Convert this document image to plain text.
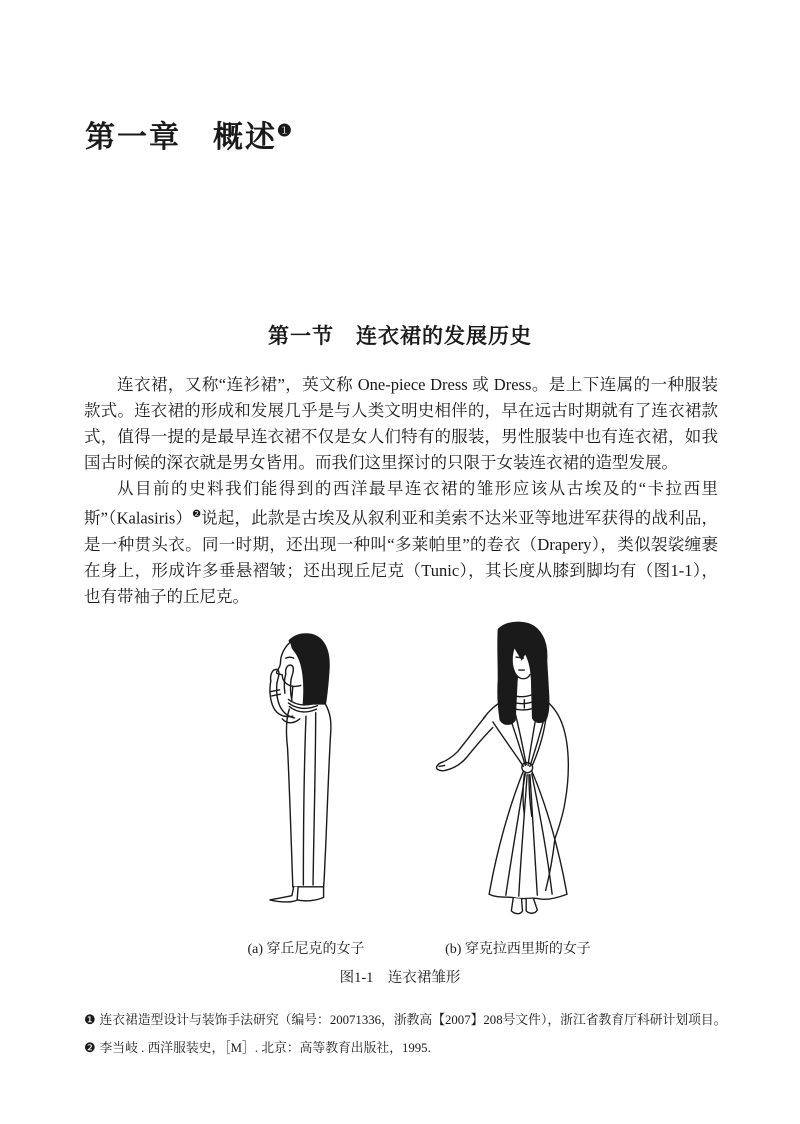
第一章　概述$^❶$
第一节　连衣裙的发展历史

连衣裙，又称“连衫裙”，英文称 One-piece Dress 或 Dress。是上下连属的一种服装款式。连衣裙的形成和发展几乎是与人类文明史相伴的，早在远古时期就有了连衣裙款式，值得一提的是最早连衣裙不仅是女人们特有的服装，男性服装中也有连衣裙，如我国古时候的深衣就是男女皆用。而我们这里探讨的只限于女装连衣裙的造型发展。

从目前的史料我们能得到的西洋最早连衣裙的雏形应该从古埃及的“卡拉西里斯”（Kalasiris）$^❷$说起，此款是古埃及从叙利亚和美索不达米亚等地进军获得的战利品，是一种贯头衣。同一时期，还出现一种叫“多莱帕里”的卷衣（Drapery），类似袈裟缠裹在身上，形成许多垂悬褶皱；还出现丘尼克（Tunic），其长度从膝到脚均有（图1-1），也有带袖子的丘尼克。

(a) 穿丘尼克的女子	(b) 穿克拉西里斯的女子
图1-1　连衣裙雏形
❶ 连衣裙造型设计与装饰手法研究（编号：20071336，浙教高【2007】208号文件），浙江省教育厅科研计划项目。
❷ 李当岐 . 西洋服装史，［M］. 北京：高等教育出版社，1995.
